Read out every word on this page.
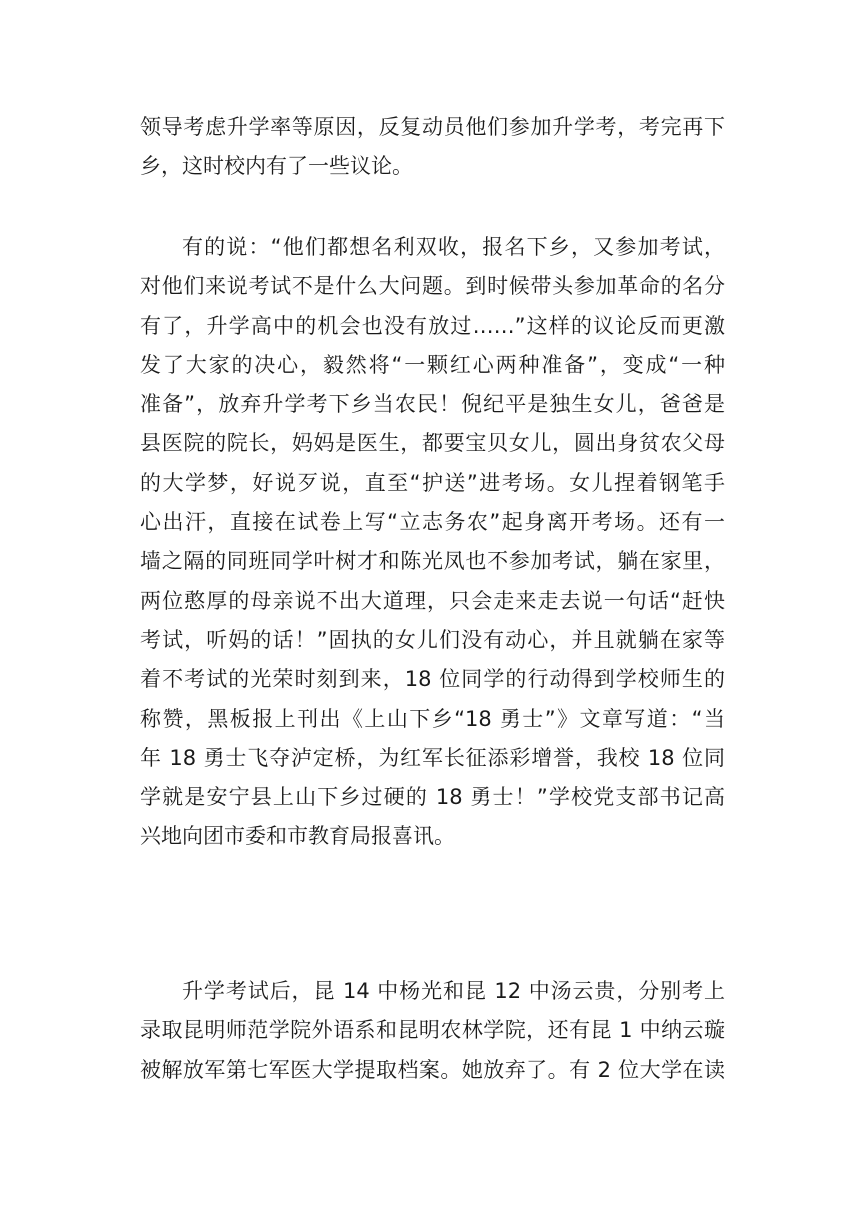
领导考虑升学率等原因，反复动员他们参加升学考，考完再下
乡，这时校内有了一些议论。
有的说：“他们都想名利双收，报名下乡，又参加考试，
对他们来说考试不是什么大问题。到时候带头参加革命的名分
有了，升学高中的机会也没有放过……”这样的议论反而更激
发了大家的决心，毅然将“一颗红心两种准备”，变成“一种
准备”，放弃升学考下乡当农民！倪纪平是独生女儿，爸爸是
县医院的院长，妈妈是医生，都要宝贝女儿，圆出身贫农父母
的大学梦，好说歹说，直至“护送”进考场。女儿捏着钢笔手
心出汗，直接在试卷上写“立志务农”起身离开考场。还有一
墙之隔的同班同学叶树才和陈光凤也不参加考试，躺在家里，
两位憨厚的母亲说不出大道理，只会走来走去说一句话“赶快
考试，听妈的话！”固执的女儿们没有动心，并且就躺在家等
着不考试的光荣时刻到来，18 位同学的行动得到学校师生的
称赞，黑板报上刊出《上山下乡“18 勇士”》文章写道：“当
年 18 勇士飞夺泸定桥，为红军长征添彩增誉，我校 18 位同
学就是安宁县上山下乡过硬的 18 勇士！”学校党支部书记高
兴地向团市委和市教育局报喜讯。
升学考试后，昆 14 中杨光和昆 12 中汤云贵，分别考上
录取昆明师范学院外语系和昆明农林学院，还有昆 1 中纳云璇
被解放军第七军医大学提取档案。她放弃了。有 2 位大学在读
